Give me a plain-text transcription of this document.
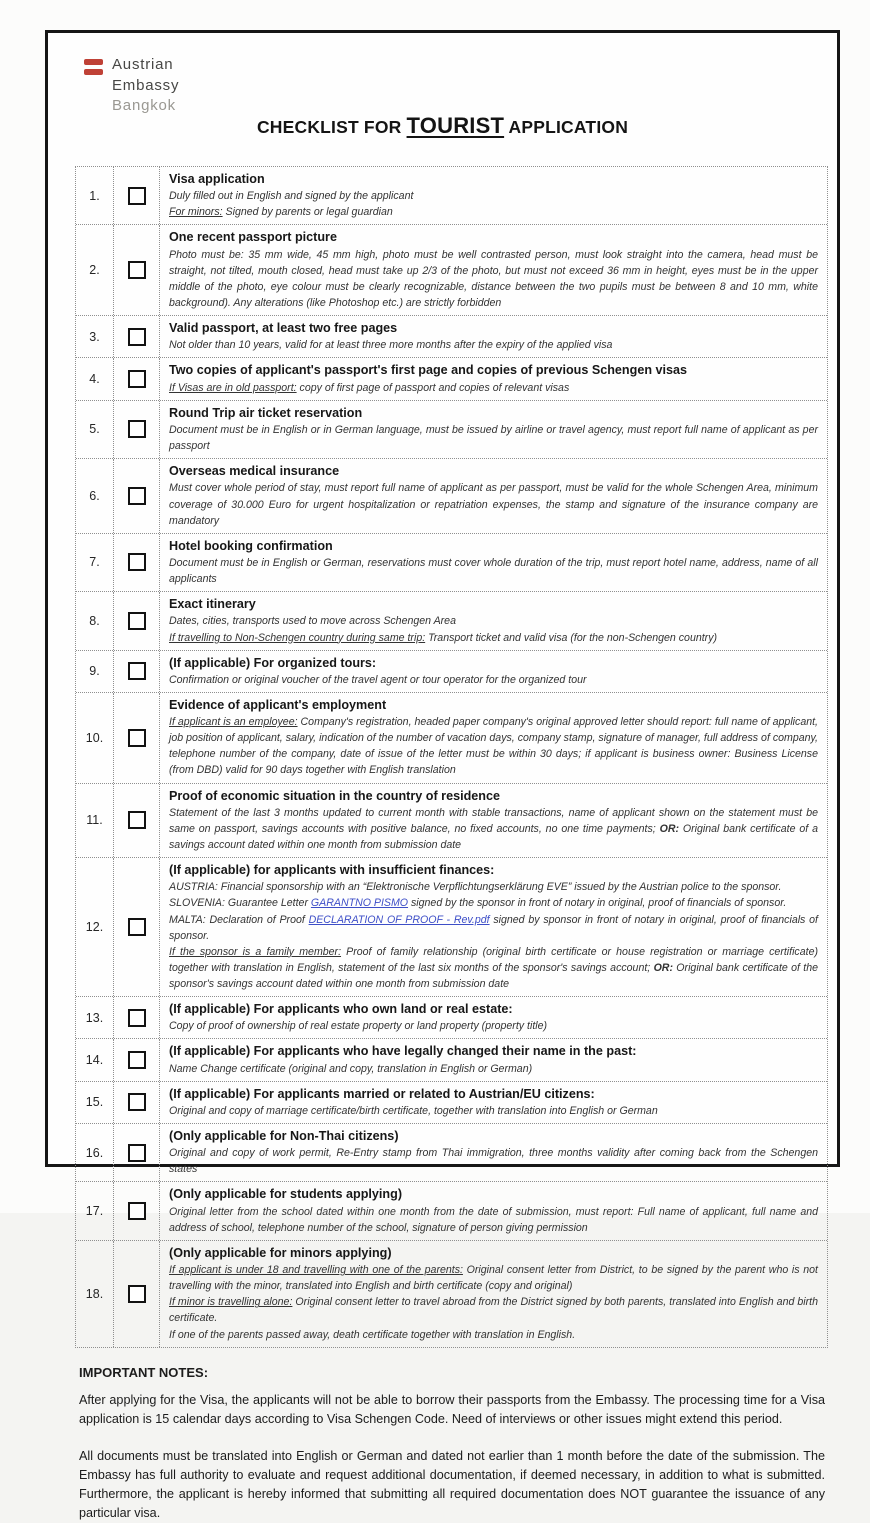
Austrian
Embassy
Bangkok
CHECKLIST FOR TOURIST APPLICATION
1.
Visa application
Duly filled out in English and signed by the applicant
For minors: Signed by parents or legal guardian
2.
One recent passport picture
Photo must be: 35 mm wide, 45 mm high, photo must be well contrasted person, must look straight into the camera, head must be straight, not tilted, mouth closed, head must take up 2/3 of the photo, but must not exceed 36 mm in height, eyes must be in the upper middle of the photo, eye colour must be clearly recognizable, distance between the two pupils must be between 8 and 10 mm, white background). Any alterations (like Photoshop etc.) are strictly forbidden
3.
Valid passport, at least two free pages
Not older than 10 years, valid for at least three more months after the expiry of the applied visa
4.
Two copies of applicant's passport's first page and copies of previous Schengen visas
If Visas are in old passport: copy of first page of passport and copies of relevant visas
5.
Round Trip air ticket reservation
Document must be in English or in German language, must be issued by airline or travel agency, must report full name of applicant as per passport
6.
Overseas medical insurance
Must cover whole period of stay, must report full name of applicant as per passport, must be valid for the whole Schengen Area, minimum coverage of 30.000 Euro for urgent hospitalization or repatriation expenses, the stamp and signature of the insurance company are mandatory
7.
Hotel booking confirmation
Document must be in English or German, reservations must cover whole duration of the trip, must report hotel name, address, name of all applicants
8.
Exact itinerary
Dates, cities, transports used to move across Schengen Area
If travelling to Non-Schengen country during same trip: Transport ticket and valid visa (for the non-Schengen country)
9.
(If applicable) For organized tours:
Confirmation or original voucher of the travel agent or tour operator for the organized tour
10.
Evidence of applicant's employment
If applicant is an employee: Company's registration, headed paper company's original approved letter should report: full name of applicant, job position of applicant, salary, indication of the number of vacation days, company stamp, signature of manager, full address of company, telephone number of the company, date of issue of the letter must be within 30 days; if applicant is business owner: Business License (from DBD) valid for 90 days together with English translation
11.
Proof of economic situation in the country of residence
Statement of the last 3 months updated to current month with stable transactions, name of applicant shown on the statement must be same on passport, savings accounts with positive balance, no fixed accounts, no one time payments; OR: Original bank certificate of a savings account dated within one month from submission date
12.
(If applicable) for applicants with insufficient finances:
AUSTRIA: Financial sponsorship with an “Elektronische Verpflichtungserklärung EVE” issued by the Austrian police to the sponsor.
SLOVENIA: Guarantee Letter GARANTNO PISMO signed by the sponsor in front of notary in original, proof of financials of sponsor.
MALTA: Declaration of Proof DECLARATION OF PROOF - Rev.pdf signed by sponsor in front of notary in original, proof of financials of sponsor.
If the sponsor is a family member: Proof of family relationship (original birth certificate or house registration or marriage certificate) together with translation in English, statement of the last six months of the sponsor's savings account; OR: Original bank certificate of the sponsor's savings account dated within one month from submission date
13.
(If applicable) For applicants who own land or real estate:
Copy of proof of ownership of real estate property or land property (property title)
14.
(If applicable) For applicants who have legally changed their name in the past:
Name Change certificate (original and copy, translation in English or German)
15.
(If applicable) For applicants married or related to Austrian/EU citizens:
Original and copy of marriage certificate/birth certificate, together with translation into English or German
16.
(Only applicable for Non-Thai citizens)
Original and copy of work permit, Re-Entry stamp from Thai immigration, three months validity after coming back from the Schengen states
17.
(Only applicable for students applying)
Original letter from the school dated within one month from the date of submission, must report: Full name of applicant, full name and address of school, telephone number of the school, signature of person giving permission
18.
(Only applicable for minors applying)
If applicant is under 18 and travelling with one of the parents: Original consent letter from District, to be signed by the parent who is not travelling with the minor, translated into English and birth certificate (copy and original)
If minor is travelling alone: Original consent letter to travel abroad from the District signed by both parents, translated into English and birth certificate.
If one of the parents passed away, death certificate together with translation in English.
IMPORTANT NOTES:

After applying for the Visa, the applicants will not be able to borrow their passports from the Embassy. The processing time for a Visa application is 15 calendar days according to Visa Schengen Code. Need of interviews or other issues might extend this period.

All documents must be translated into English or German and dated not earlier than 1 month before the date of the submission. The Embassy has full authority to evaluate and request additional documentation, if deemed necessary, in addition to what is submitted. Furthermore, the applicant is hereby informed that submitting all required documentation does NOT guarantee the issuance of any particular visa.
